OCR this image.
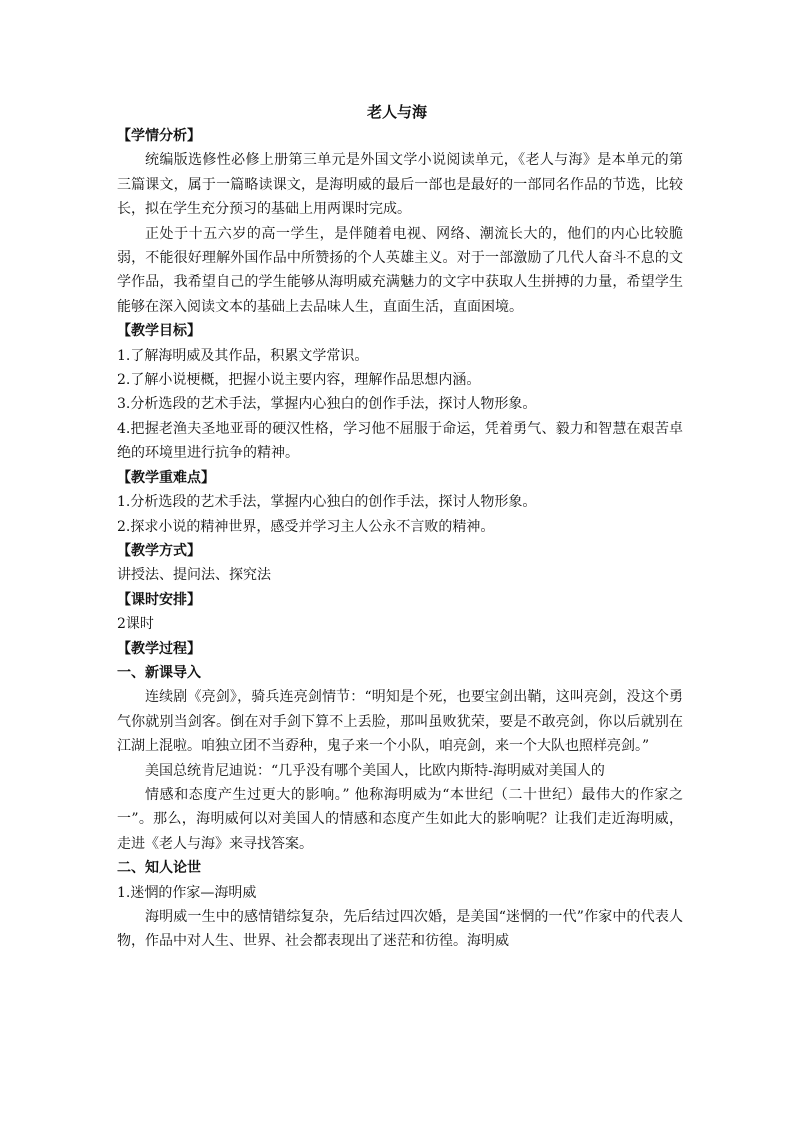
老人与海

【学情分析】

统编版选修性必修上册第三单元是外国文学小说阅读单元，《老人与海》是本单元的第三篇课文，属于一篇略读课文，是海明威的最后一部也是最好的一部同名作品的节选，比较长，拟在学生充分预习的基础上用两课时完成。

正处于十五六岁的高一学生，是伴随着电视、网络、潮流长大的，他们的内心比较脆弱，不能很好理解外国作品中所赞扬的个人英雄主义。对于一部激励了几代人奋斗不息的文学作品，我希望自己的学生能够从海明威充满魅力的文字中获取人生拼搏的力量，希望学生能够在深入阅读文本的基础上去品味人生，直面生活，直面困境。

【教学目标】

1.了解海明威及其作品，积累文学常识。

2.了解小说梗概，把握小说主要内容，理解作品思想内涵。

3.分析选段的艺术手法，掌握内心独白的创作手法，探讨人物形象。

4.把握老渔夫圣地亚哥的硬汉性格，学习他不屈服于命运，凭着勇气、毅力和智慧在艰苦卓绝的环境里进行抗争的精神。

【教学重难点】

1.分析选段的艺术手法，掌握内心独白的创作手法，探讨人物形象。

2.探求小说的精神世界，感受并学习主人公永不言败的精神。

【教学方式】

讲授法、提问法、探究法

【课时安排】

2课时

【教学过程】

一、新课导入

连续剧《亮剑》，骑兵连亮剑情节：“明知是个死，也要宝剑出鞘，这叫亮剑，没这个勇气你就别当剑客。倒在对手剑下算不上丢脸，那叫虽败犹荣，要是不敢亮剑，你以后就别在江湖上混啦。咱独立团不当孬种，鬼子来一个小队，咱亮剑，来一个大队也照样亮剑。”

美国总统肯尼迪说：“几乎没有哪个美国人，比欧内斯特-海明威对美国人的

情感和态度产生过更大的影响。” 他称海明威为“本世纪（二十世纪）最伟大的作家之一”。那么，海明威何以对美国人的情感和态度产生如此大的影响呢？让我们走近海明威，走进《老人与海》来寻找答案。

二、知人论世

1.迷惘的作家—海明威

海明威一生中的感情错综复杂，先后结过四次婚，是美国“迷惘的一代”作家中的代表人物，作品中对人生、世界、社会都表现出了迷茫和彷徨。海明威
